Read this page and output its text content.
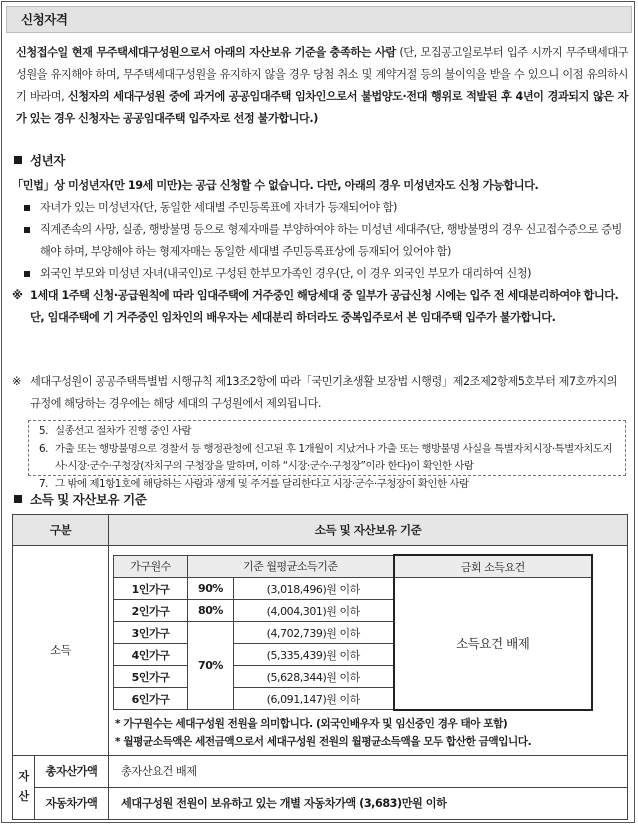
신청자격
신청접수일 현재 무주택세대구성원으로서 아래의 자산보유 기준을 충족하는 사람 (단, 모집공고일로부터 입주 시까지 무주택세대구성원을 유지해야 하며, 무주택세대구성원을 유지하지 않을 경우 당첨 취소 및 계약거절 등의 불이익을 받을 수 있으니 이점 유의하시기 바라며, 신청자의 세대구성원 중에 과거에 공공임대주택 임차인으로서 불법양도·전대 행위로 적발된 후 4년이 경과되지 않은 자가 있는 경우 신청자는 공공임대주택 입주자로 선정 불가합니다.)
성년자
「민법」상 미성년자(만 19세 미만)는 공급 신청할 수 없습니다. 다만, 아래의 경우 미성년자도 신청 가능합니다.
자녀가 있는 미성년자(단, 동일한 세대별 주민등록표에 자녀가 등재되어야 함)
직계존속의 사망, 실종, 행방불명 등으로 형제자매를 부양하여야 하는 미성년 세대주(단, 행방불명의 경우 신고접수증으로 증빙해야 하며, 부양해야 하는 형제자매는 동일한 세대별 주민등록표상에 등재되어 있어야 함)
외국인 부모와 미성년 자녀(내국인)로 구성된 한부모가족인 경우(단, 이 경우 외국인 부모가 대리하여 신청)
※ 1세대 1주택 신청·공급원칙에 따라 임대주택에 거주중인 해당세대 중 일부가 공급신청 시에는 입주 전 세대분리하여야 합니다. 단, 임대주택에 기 거주중인 임차인의 배우자는 세대분리 하더라도 중복입주로서 본 임대주택 입주가 불가합니다.
※ 세대구성원이 공공주택특별법 시행규칙 제13조2항에 따라「국민기초생활 보장법 시행령」제2조제2항제5호부터 제7호까지의 규정에 해당하는 경우에는 해당 세대의 구성원에서 제외됩니다.
5. 실종선고 절차가 진행 중인 사람
6. 가출 또는 행방불명으로 경찰서 등 행정관청에 신고된 후 1개월이 지났거나 가출 또는 행방불명 사실을 특별자치시장·특별자치도지사·시장·군수·구청장(자치구의 구청장을 말하며, 이하 “시장·군수·구청장”이라 한다)이 확인한 사람
7. 그 밖에 제1항1호에 해당하는 사람과 생계 및 주거를 달리한다고 시장·군수·구청장이 확인한 사람
소득 및 자산보유 기준
구분	소득 및 자산보유 기준
소득	
가구원수	기준 월평균소득기준	금회 소득요건
1인가구	90%	(3,018,496)원 이하	소득요건 배제
2인가구	80%	(4,004,301)원 이하
3인가구	70%	(4,702,739)원 이하
4인가구	(5,335,439)원 이하
5인가구	(5,628,344)원 이하
6인가구	(6,091,147)원 이하
* 가구원수는 세대구성원 전원을 의미합니다. (외국인배우자 및 임신중인 경우 태아 포함)
* 월평균소득액은 세전금액으로서 세대구성원 전원의 월평균소득액을 모두 합산한 금액입니다.

자
산
	총자산가액	총자산요건 배제
자동차가액	세대구성원 전원이 보유하고 있는 개별 자동차가액 (3,683)만원 이하
